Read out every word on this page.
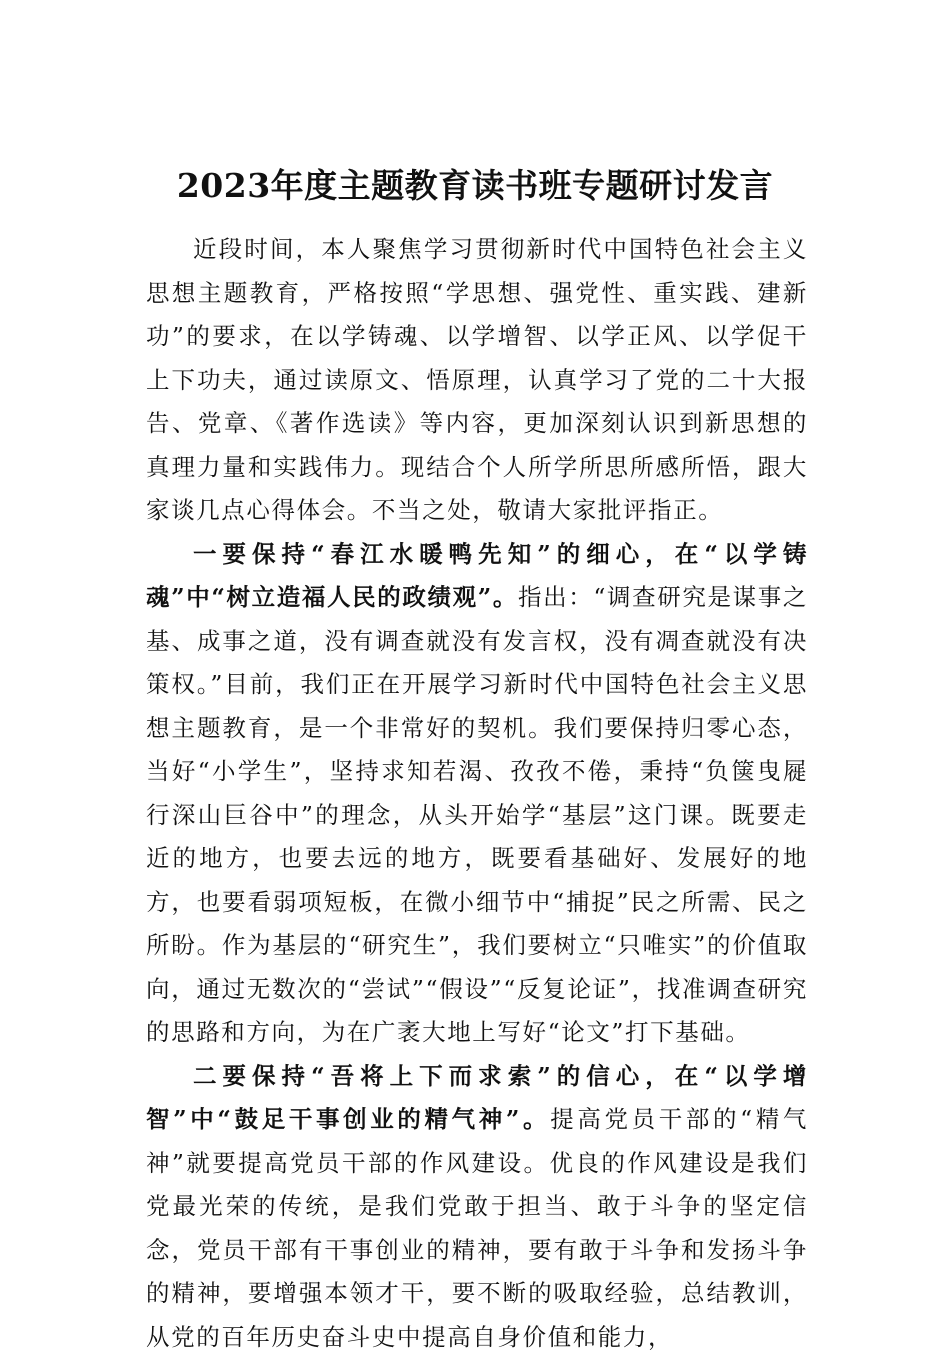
2023年度主题教育读书班专题研讨发言

近段时间，本人聚焦学习贯彻新时代中国特色社会主义思想主题教育，严格按照“学思想、强党性、重实践、建新功”的要求，在以学铸魂、以学增智、以学正风、以学促干上下功夫，通过读原文、悟原理，认真学习了党的二十大报告、党章、《著作选读》等内容，更加深刻认识到新思想的真理力量和实践伟力。现结合个人所学所思所感所悟，跟大家谈几点心得体会。不当之处，敬请大家批评指正。

一要保持“春江水暖鸭先知”的细心，在“以学铸魂”中“树立造福人民的政绩观”。指出：“调查研究是谋事之基、成事之道，没有调查就没有发言权，没有凋查就没有决策权。”目前，我们正在开展学习新时代中国特色社会主义思想主题教育，是一个非常好的契机。我们要保持归零心态，当好“小学生”，坚持求知若渴、孜孜不倦，秉持“负箧曳屣行深山巨谷中”的理念，从头开始学“基层”这门课。既要走近的地方，也要去远的地方，既要看基础好、发展好的地方，也要看弱项短板，在微小细节中“捕捉”民之所需、民之所盼。作为基层的“研究生”，我们要树立“只唯实”的价值取向，通过无数次的“尝试”“假设”“反复论证”，找准调查研究的思路和方向，为在广袤大地上写好“论文”打下基础。

二要保持“吾将上下而求索”的信心，在“以学增智”中“鼓足干事创业的精气神”。提高党员干部的“精气神”就要提高党员干部的作风建设。优良的作风建设是我们党最光荣的传统，是我们党敢于担当、敢于斗争的坚定信念，党员干部有干事创业的精神，要有敢于斗争和发扬斗争的精神，要增强本领才干，要不断的吸取经验，总结教训，从党的百年历史奋斗史中提高自身价值和能力，
